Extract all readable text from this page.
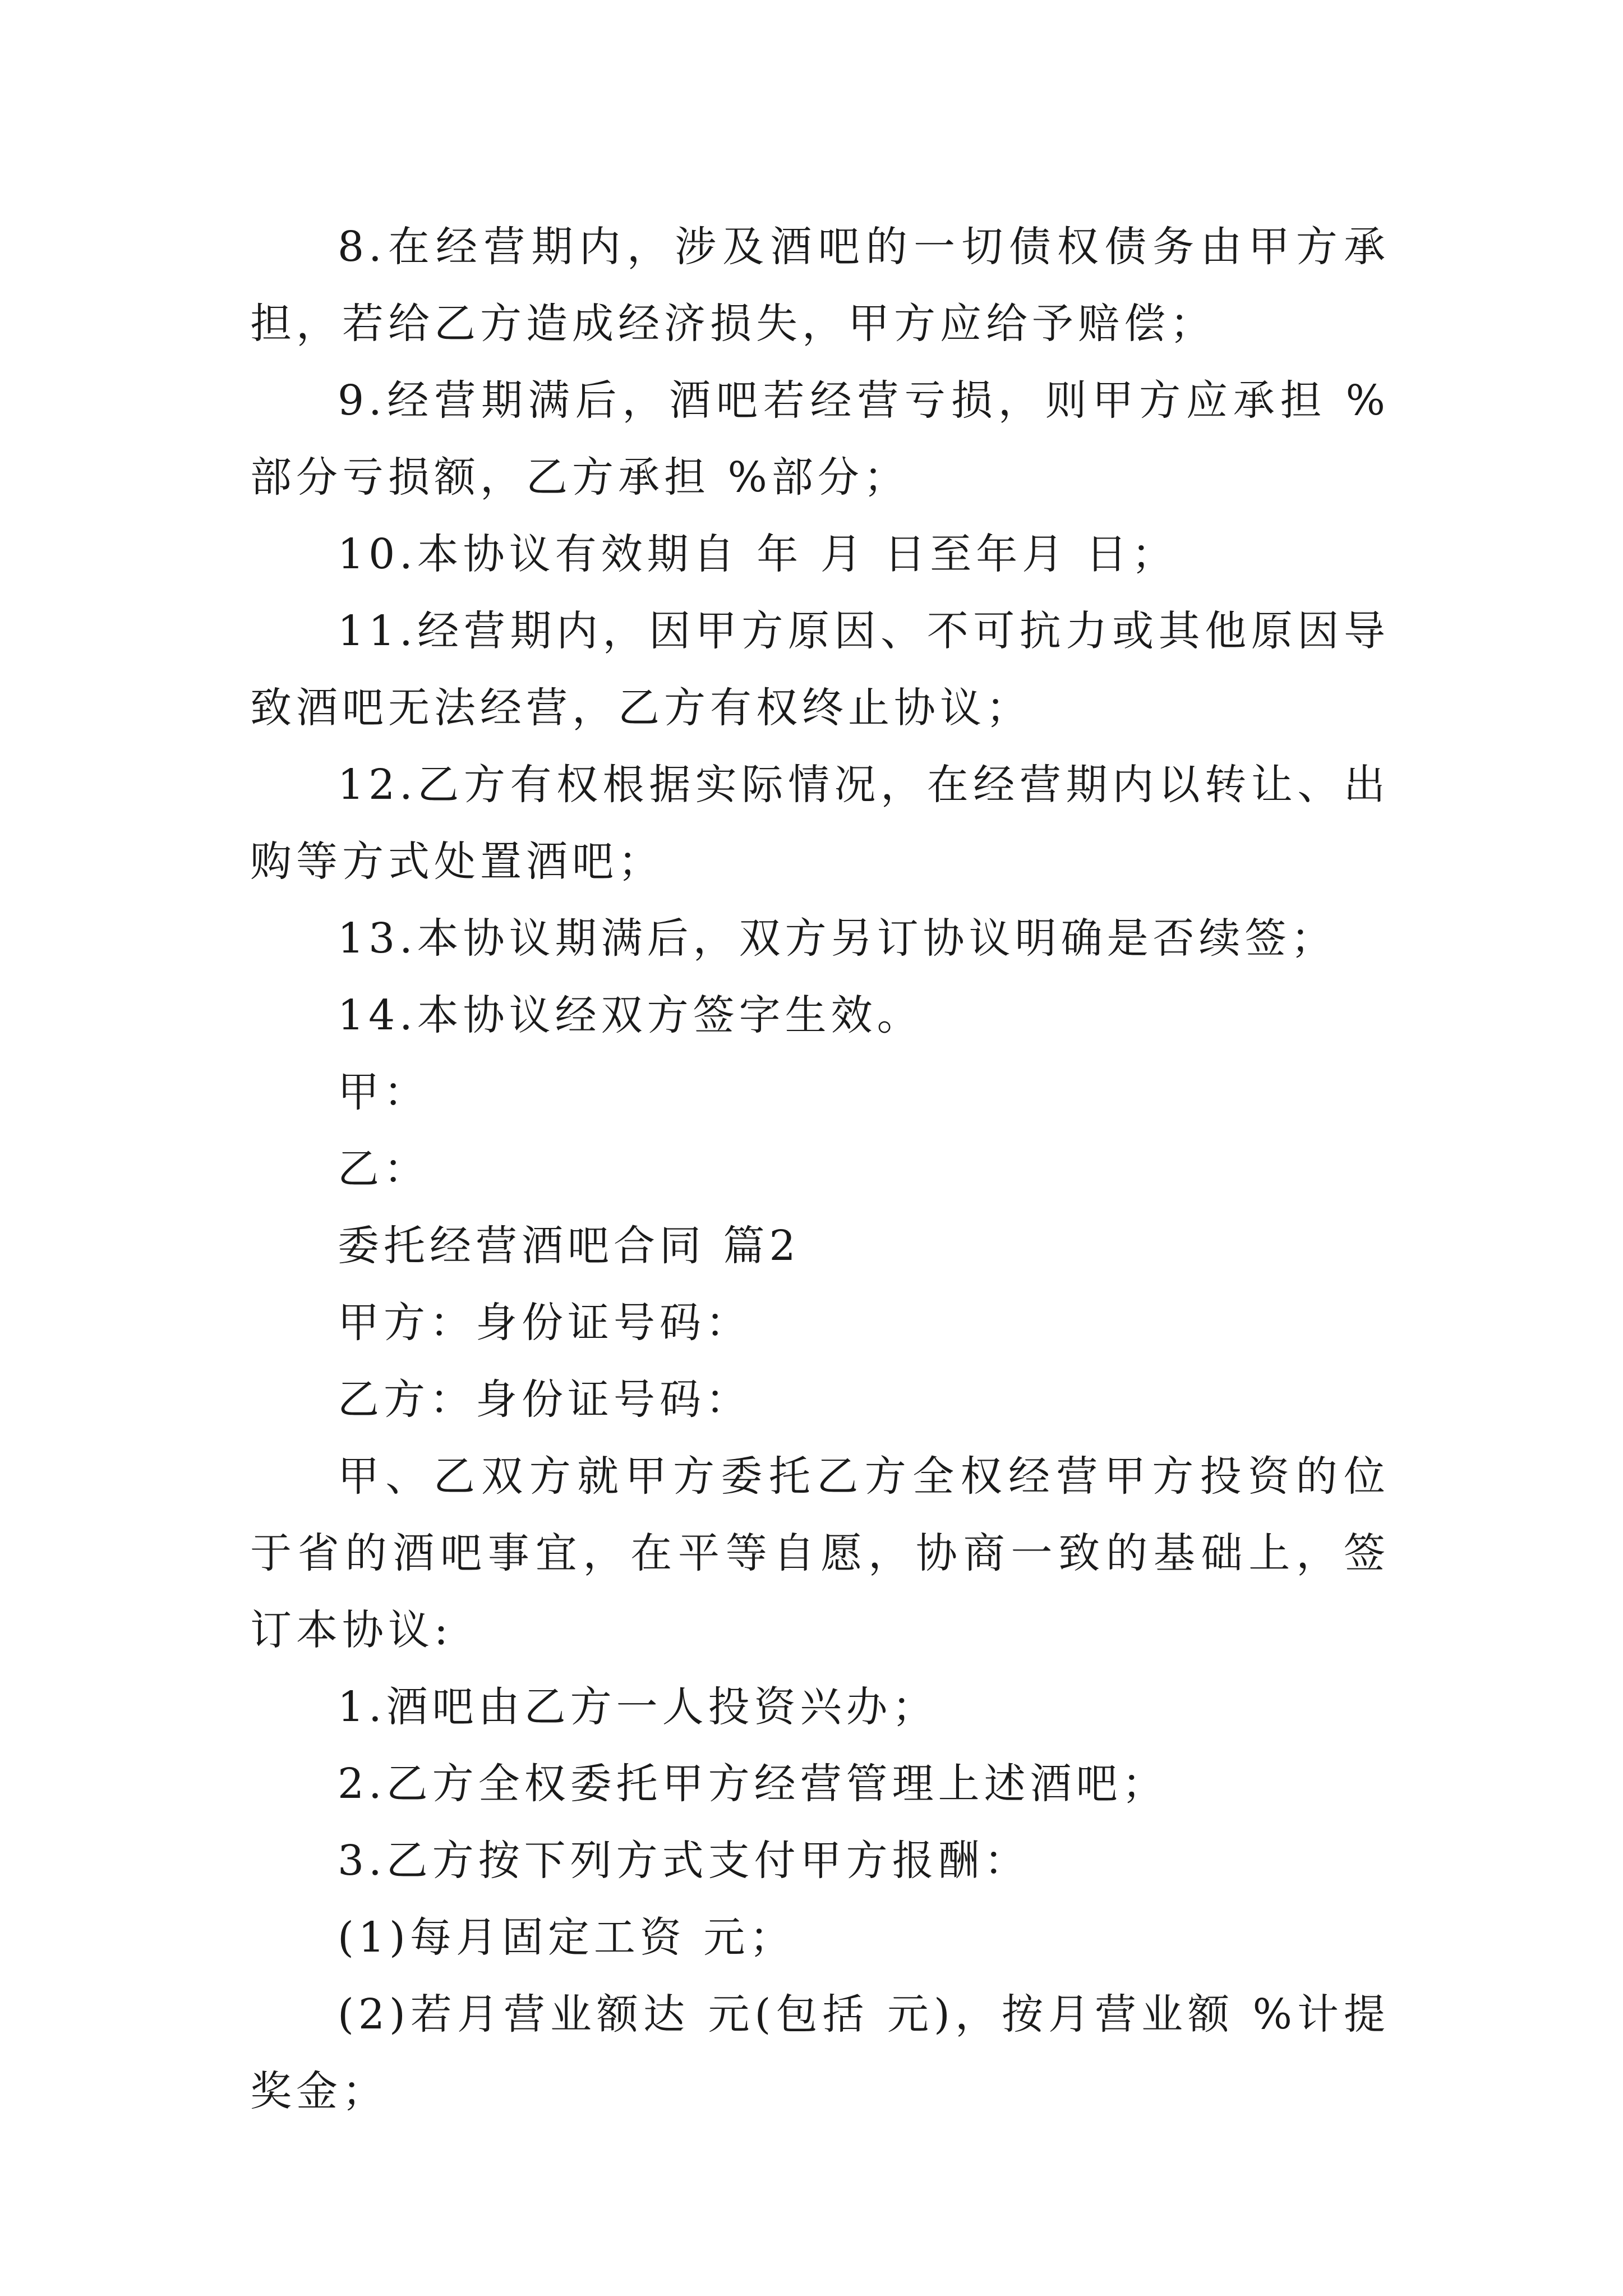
8.在经营期内，涉及酒吧的一切债权债务由甲方承担，若给乙方造成经济损失，甲方应给予赔偿；

9.经营期满后，酒吧若经营亏损，则甲方应承担 %部分亏损额，乙方承担 %部分；

10.本协议有效期自 年 月 日至年月 日；

11.经营期内，因甲方原因、不可抗力或其他原因导致酒吧无法经营，乙方有权终止协议；

12.乙方有权根据实际情况，在经营期内以转让、出购等方式处置酒吧；

13.本协议期满后，双方另订协议明确是否续签；

14.本协议经双方签字生效。

甲：

乙：

委托经营酒吧合同 篇2

甲方：身份证号码：

乙方：身份证号码：

甲、乙双方就甲方委托乙方全权经营甲方投资的位于省的酒吧事宜，在平等自愿，协商一致的基础上，签订本协议:

1.酒吧由乙方一人投资兴办；

2.乙方全权委托甲方经营管理上述酒吧；

3.乙方按下列方式支付甲方报酬：

(1)每月固定工资 元；

(2)若月营业额达 元(包括 元)，按月营业额 %计提奖金；
